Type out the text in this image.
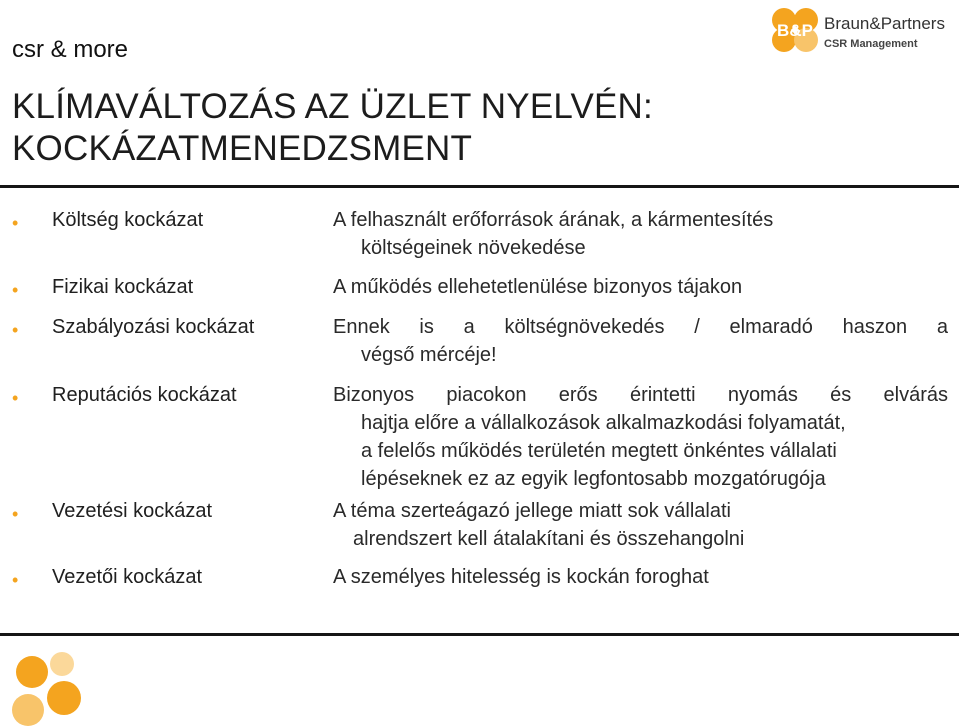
csr & more
B&P Braun&Partners
CSR Management
KLÍMAVÁLTOZÁS AZ ÜZLET NYELVÉN:
KOCKÁZATMENEDZSMENT
• Költség kockázat	A felhasznált erőforrások árának, a kármentesítés
költségeinek növekedése
• Fizikai kockázat	A működés ellehetetlenülése bizonyos tájakon
• Szabályozási kockázat	Ennek is a költségnövekedés / elmaradó haszon a
végső mércéje!
• Reputációs kockázat	Bizonyos piacokon erős érintetti nyomás és elvárás
hajtja előre a vállalkozások alkalmazkodási folyamatát,
a felelős működés területén megtett önkéntes vállalati
lépéseknek ez az egyik legfontosabb mozgatórugója
• Vezetési kockázat	A téma szerteágazó jellege miatt sok vállalati
alrendszert kell átalakítani és összehangolni
• Vezetői kockázat	A személyes hitelesség is kockán foroghat
